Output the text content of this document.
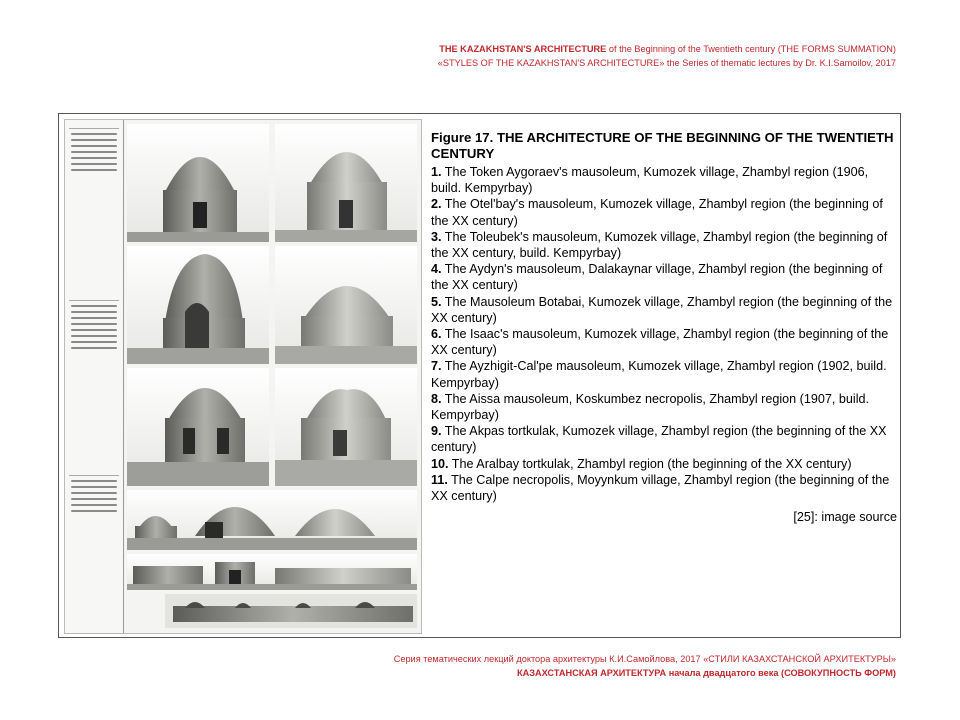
THE KAZAKHSTAN'S ARCHITECTURE of the Beginning of the Twentieth century (THE FORMS SUMMATION)
«STYLES OF THE KAZAKHSTAN'S ARCHITECTURE» the Series of thematic lectures by Dr. K.I.Samoilov, 2017
Figure 17. THE ARCHITECTURE OF THE BEGINNING OF THE TWENTIETH CENTURY

1. The Token Aygoraev's mausoleum, Kumozek village, Zhambyl region (1906, build. Kempyrbay)

2. The Otel'bay's mausoleum, Kumozek village, Zhambyl region (the beginning of the XX century)

3. The Toleubek's mausoleum, Kumozek village, Zhambyl region (the beginning of the XX century, build. Kempyrbay)

4. The Aydyn's mausoleum, Dalakaynar village, Zhambyl region (the beginning of the XX century)

5. The Mausoleum Botabai, Kumozek village, Zhambyl region (the beginning of the XX century)

6. The Isaac's mausoleum, Kumozek village, Zhambyl region (the beginning of the XX century)

7. The Ayzhigit-Cal'pe mausoleum, Kumozek village, Zhambyl region (1902, build. Kempyrbay)

8. The Aissa mausoleum, Koskumbez necropolis, Zhambyl region (1907, build. Kempyrbay)

9. The Akpas tortkulak, Kumozek village, Zhambyl region (the beginning of the XX century)

10. The Aralbay tortkulak, Zhambyl region (the beginning of the XX century)

11. The Calpe necropolis, Moyynkum village, Zhambyl region (the beginning of the XX century)

[25]: image source
Серия тематических лекций доктора архитектуры К.И.Самойлова, 2017 «СТИЛИ КАЗАХСТАНСКОЙ АРХИТЕКТУРЫ»
КАЗАХСТАНСКАЯ АРХИТЕКТУРА начала двадцатого века (СОВОКУПНОСТЬ ФОРМ)
